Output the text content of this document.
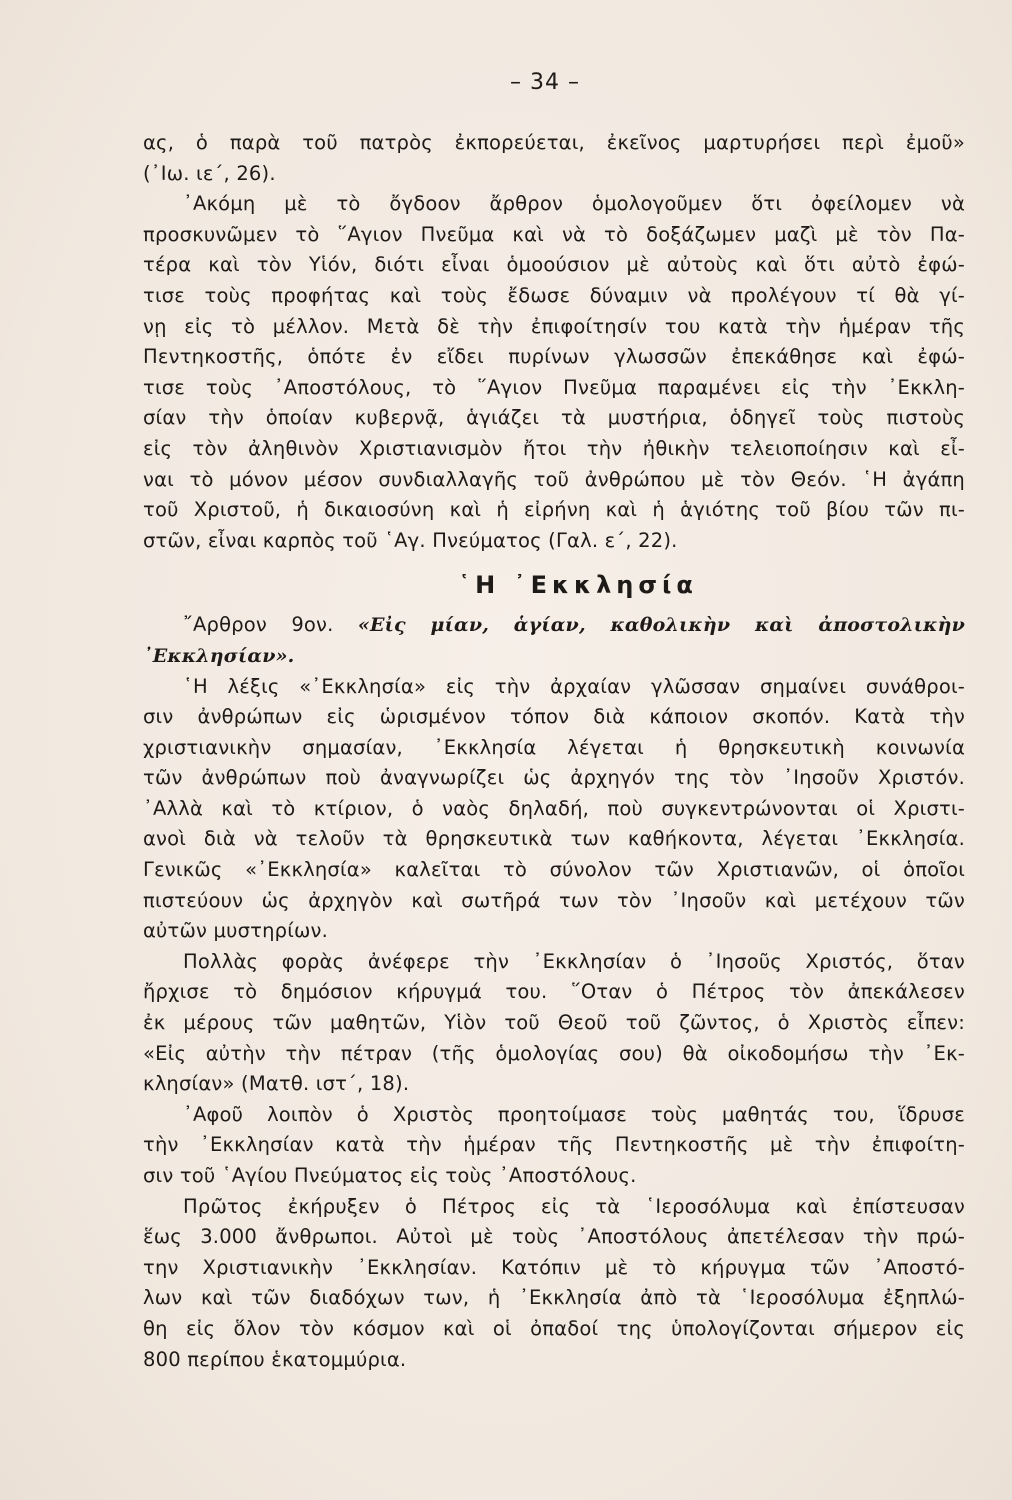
– 34 –
ας, ὁ παρὰ τοῦ πατρὸς ἐκπορεύεται, ἐκεῖνος μαρτυρήσει περὶ ἐμοῦ»
(᾿Ιω. ιε´, 26).
᾿Ακόμη μὲ τὸ ὄγδοον ἄρθρον ὁμολογοῦμεν ὅτι ὀφείλομεν νὰ
προσκυνῶμεν τὸ ῞Αγιον Πνεῦμα καὶ νὰ τὸ δοξάζωμεν μαζὶ μὲ τὸν Πα-
τέρα καὶ τὸν Υἱόν, διότι εἶναι ὁμοούσιον μὲ αὐτοὺς καὶ ὅτι αὐτὸ ἐφώ-
τισε τοὺς προφήτας καὶ τοὺς ἔδωσε δύναμιν νὰ προλέγουν τί θὰ γί-
νῃ εἰς τὸ μέλλον. Μετὰ δὲ τὴν ἐπιφοίτησίν του κατὰ τὴν ἡμέραν τῆς
Πεντηκοστῆς, ὁπότε ἐν εἴδει πυρίνων γλωσσῶν ἐπεκάθησε καὶ ἐφώ-
τισε τοὺς ᾿Αποστόλους, τὸ ῞Αγιον Πνεῦμα παραμένει εἰς τὴν ᾿Εκκλη-
σίαν τὴν ὁποίαν κυβερνᾷ, ἁγιάζει τὰ μυστήρια, ὁδηγεῖ τοὺς πιστοὺς
εἰς τὸν ἀληθινὸν Χριστιανισμὸν ἤτοι τὴν ἠθικὴν τελειοποίησιν καὶ εἶ-
ναι τὸ μόνον μέσον συνδιαλλαγῆς τοῦ ἀνθρώπου μὲ τὸν Θεόν. ῾Η ἀγάπη
τοῦ Χριστοῦ, ἡ δικαιοσύνη καὶ ἡ εἰρήνη καὶ ἡ ἁγιότης τοῦ βίου τῶν πι-
στῶν, εἶναι καρπὸς τοῦ ῾Αγ. Πνεύματος (Γαλ. ε´, 22).
῾Η ᾿Εκκλησία
῎Αρθρον 9ον. «Εἰς μίαν, ἁγίαν, καθολικὴν καὶ ἀποστολικὴν
᾿Εκκλησίαν».
῾Η λέξις «᾿Εκκλησία» εἰς τὴν ἀρχαίαν γλῶσσαν σημαίνει συνάθροι-
σιν ἀνθρώπων εἰς ὡρισμένον τόπον διὰ κάποιον σκοπόν. Κατὰ τὴν
χριστιανικὴν σημασίαν, ᾿Εκκλησία λέγεται ἡ θρησκευτικὴ κοινωνία
τῶν ἀνθρώπων ποὺ ἀναγνωρίζει ὡς ἀρχηγόν της τὸν ᾿Ιησοῦν Χριστόν.
᾿Αλλὰ καὶ τὸ κτίριον, ὁ ναὸς δηλαδή, ποὺ συγκεντρώνονται οἱ Χριστι-
ανοὶ διὰ νὰ τελοῦν τὰ θρησκευτικὰ των καθήκοντα, λέγεται ᾿Εκκλησία.
Γενικῶς «᾿Εκκλησία» καλεῖται τὸ σύνολον τῶν Χριστιανῶν, οἱ ὁποῖοι
πιστεύουν ὡς ἀρχηγὸν καὶ σωτῆρά των τὸν ᾿Ιησοῦν καὶ μετέχουν τῶν
αὐτῶν μυστηρίων.
Πολλὰς φορὰς ἀνέφερε τὴν ᾿Εκκλησίαν ὁ ᾿Ιησοῦς Χριστός, ὅταν
ἤρχισε τὸ δημόσιον κήρυγμά του. ῞Οταν ὁ Πέτρος τὸν ἀπεκάλεσεν
ἐκ μέρους τῶν μαθητῶν, Υἱὸν τοῦ Θεοῦ τοῦ ζῶντος, ὁ Χριστὸς εἶπεν:
«Εἰς αὐτὴν τὴν πέτραν (τῆς ὁμολογίας σου) θὰ οἰκοδομήσω τὴν ᾿Εκ-
κλησίαν» (Ματθ. ιστ´, 18).
᾿Αφοῦ λοιπὸν ὁ Χριστὸς προητοίμασε τοὺς μαθητάς του, ἵδρυσε
τὴν ᾿Εκκλησίαν κατὰ τὴν ἡμέραν τῆς Πεντηκοστῆς μὲ τὴν ἐπιφοίτη-
σιν τοῦ ῾Αγίου Πνεύματος εἰς τοὺς ᾿Αποστόλους.
Πρῶτος ἐκήρυξεν ὁ Πέτρος εἰς τὰ ῾Ιεροσόλυμα καὶ ἐπίστευσαν
ἕως 3.000 ἄνθρωποι. Αὐτοὶ μὲ τοὺς ᾿Αποστόλους ἀπετέλεσαν τὴν πρώ-
την Χριστιανικὴν ᾿Εκκλησίαν. Κατόπιν μὲ τὸ κήρυγμα τῶν ᾿Αποστό-
λων καὶ τῶν διαδόχων των, ἡ ᾿Εκκλησία ἀπὸ τὰ ῾Ιεροσόλυμα ἐξηπλώ-
θη εἰς ὅλον τὸν κόσμον καὶ οἱ ὀπαδοί της ὑπολογίζονται σήμερον εἰς
800 περίπου ἑκατομμύρια.
